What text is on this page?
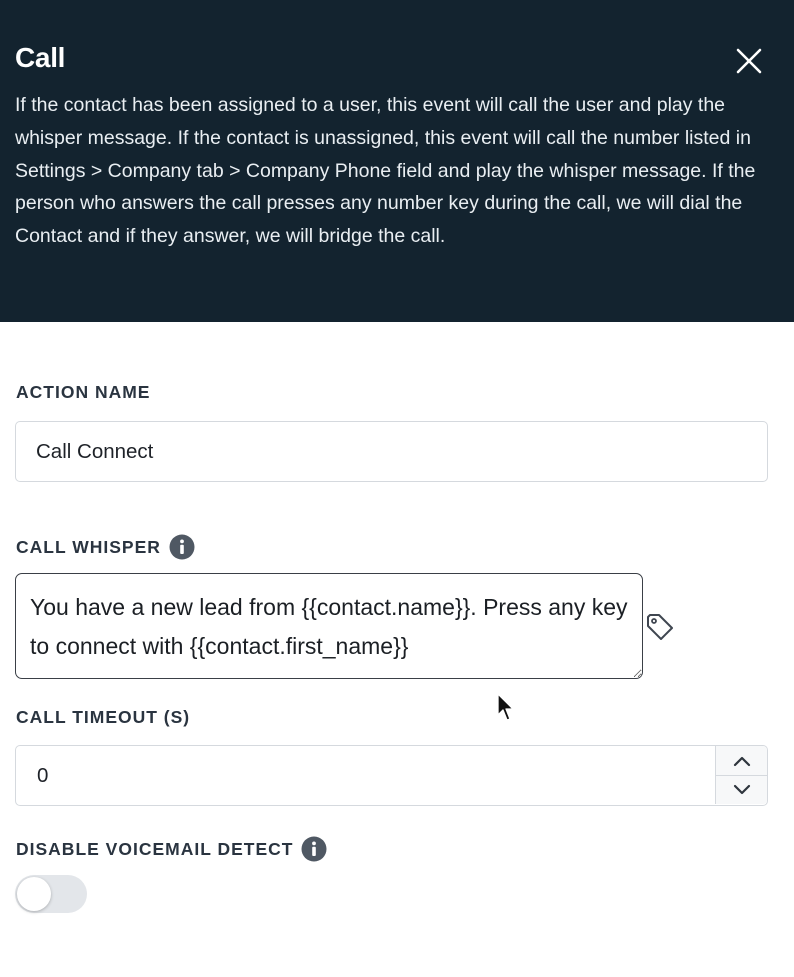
Call

If the contact has been assigned to a user, this event will call the user and play the whisper message. If the contact is unassigned, this event will call the number listed in Settings > Company tab > Company Phone field and play the whisper message. If the person who answers the call presses any number key during the call, we will dial the Contact and if they answer, we will bridge the call.

ACTION NAME
Call Connect
CALL WHISPER
You have a new lead from {{contact.name}}. Press any key to connect with {{contact.first_name}}
CALL TIMEOUT (S)
0
DISABLE VOICEMAIL DETECT
